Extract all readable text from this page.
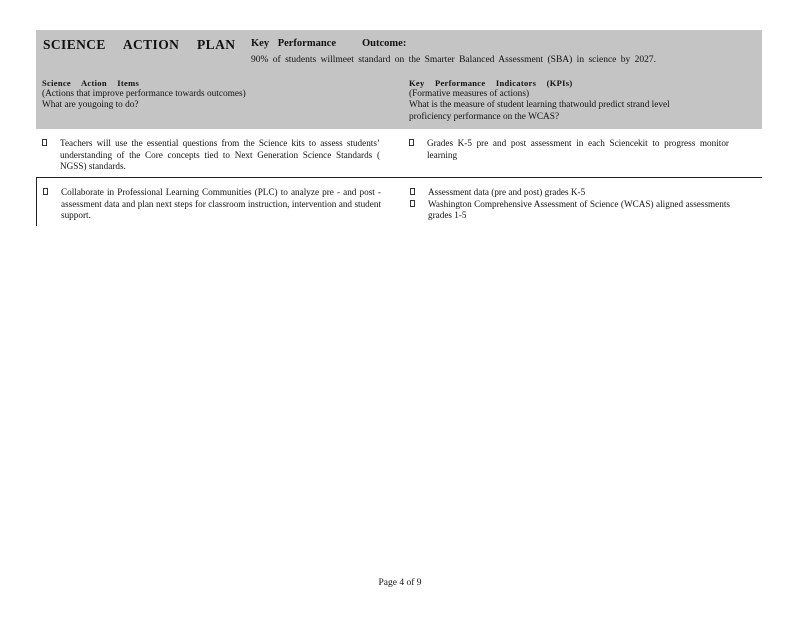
SCIENCE ACTION PLAN Key Performance Outcome:
90% of students willmeet standard on the Smarter Balanced Assessment (SBA) in science by 2027.
Science Action Items
(Actions that improve performance towards outcomes)
What are yougoing to do?
Key Performance Indicators (KPIs)
(Formative measures of actions)
What is the measure of student learning thatwould predict strand level
proficiency performance on the WCAS?
Teachers will use the essential questions from the Science kits to assess students’ understanding of the Core concepts tied to Next Generation Science Standards ( NGSS) standards.
Grades K-5 pre and post assessment in each Sciencekit to progress monitor learning
Collaborate in Professional Learning Communities (PLC) to analyze pre - and post - assessment data and plan next steps for classroom instruction, intervention and student support.
Assessment data (pre and post) grades K-5
Washington Comprehensive Assessment of Science (WCAS) aligned assessments grades 1-5
Page 4 of 9
